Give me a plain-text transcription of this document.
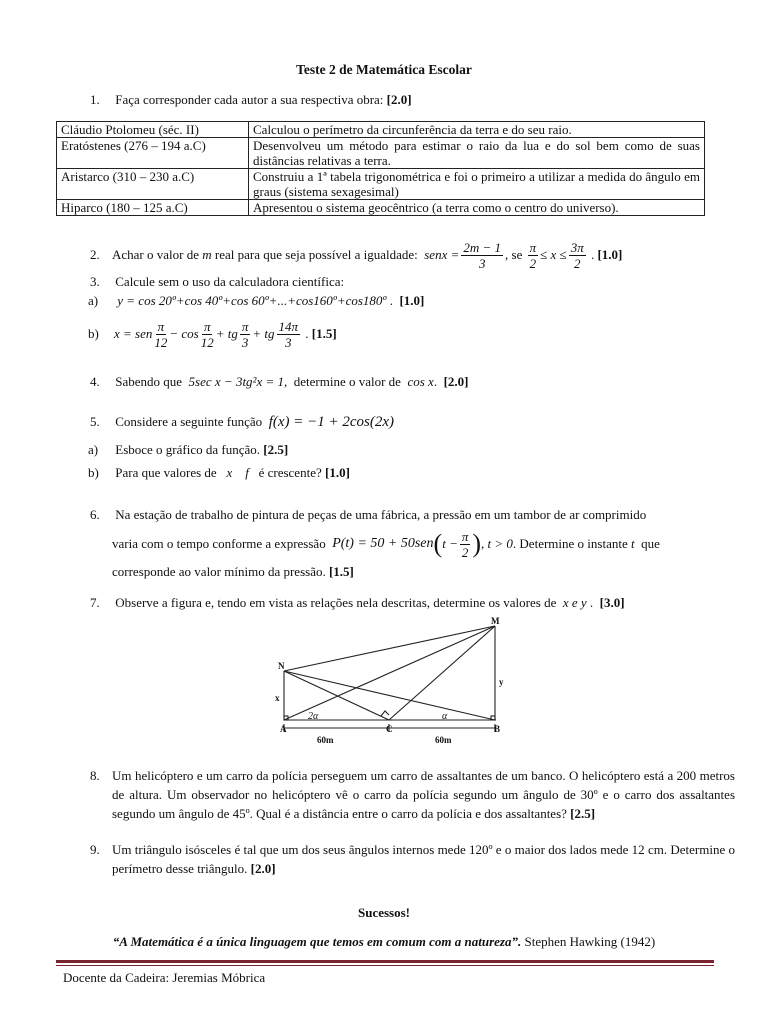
Teste 2 de Matemática Escolar
1. Faça corresponder cada autor a sua respectiva obra: [2.0]
Cláudio Ptolomeu (séc. II)	Calculou o perímetro da circunferência da terra e do seu raio.
Eratóstenes (276 – 194 a.C)	Desenvolveu um método para estimar o raio da lua e do sol bem como de suas distâncias relativas a terra.
Aristarco (310 – 230 a.C)	Construiu a 1ª tabela trigonométrica e foi o primeiro a utilizar a medida do ângulo em graus (sistema sexagesimal)
Hiparco (180 – 125 a.C)	Apresentou o sistema geocêntrico (a terra como o centro do universo).
2. Achar o valor de
m
real para que seja possível a igualdade:
senx = $\frac{2m - 1}{3}$ , se
$\frac{\pi}{2} \le x \le \frac{3\pi}{2}$ . [1.0]
3. Calcule sem o uso da calculadora científica:
a) y = cos 20º+cos 40º+cos 60º+...+cos160º+cos180º .  [1.0]
b)	x = sen $\frac{\pi}{12} - \cos \frac{\pi}{12}$ + tg $\frac{\pi}{3}$ + tg $\frac{14\pi}{3}$ . [1.5]
4. Sabendo que 5sec x − 3tg²x = 1, determine o valor de cos x.  [2.0]
5. Considere a seguinte função f(x) = −1 + 2cos(2x)
a) Esboce o gráfico da função. [2.5]
b) Para que valores de x f é crescente? [1.0]
6. Na estação de trabalho de pintura de peças de uma fábrica, a pressão em um tambor de ar comprimido
varia com o tempo conforme a expressão
P(t) = 50 + 50sen ( $t - \frac{\pi}{2}$ ) , t > 0 . Determine o instante
t
que
corresponde ao valor mínimo da pressão. [1.5]
7. Observe a figura e, tendo em vista as relações nela descritas, determine os valores de x e y .  [3.0]
M
N
A	C	B
x
y
60m	60m
2α	α
8. Um helicóptero e um carro da polícia perseguem um carro de assaltantes de um banco. O helicóptero está a 200 metros de altura. Um observador no helicóptero vê o carro da polícia segundo um ângulo de 30º e o carro dos assaltantes segundo um ângulo de 45º. Qual é a distância entre o carro da polícia e dos assaltantes? [2.5]
9. Um triângulo isósceles é tal que um dos seus ângulos internos mede 120º e o maior dos lados mede 12 cm. Determine o perímetro desse triângulo. [2.0]
Sucessos!
“A Matemática é a única linguagem que temos em comum com a natureza”. Stephen Hawking (1942)
Docente da Cadeira: Jeremias Móbrica
